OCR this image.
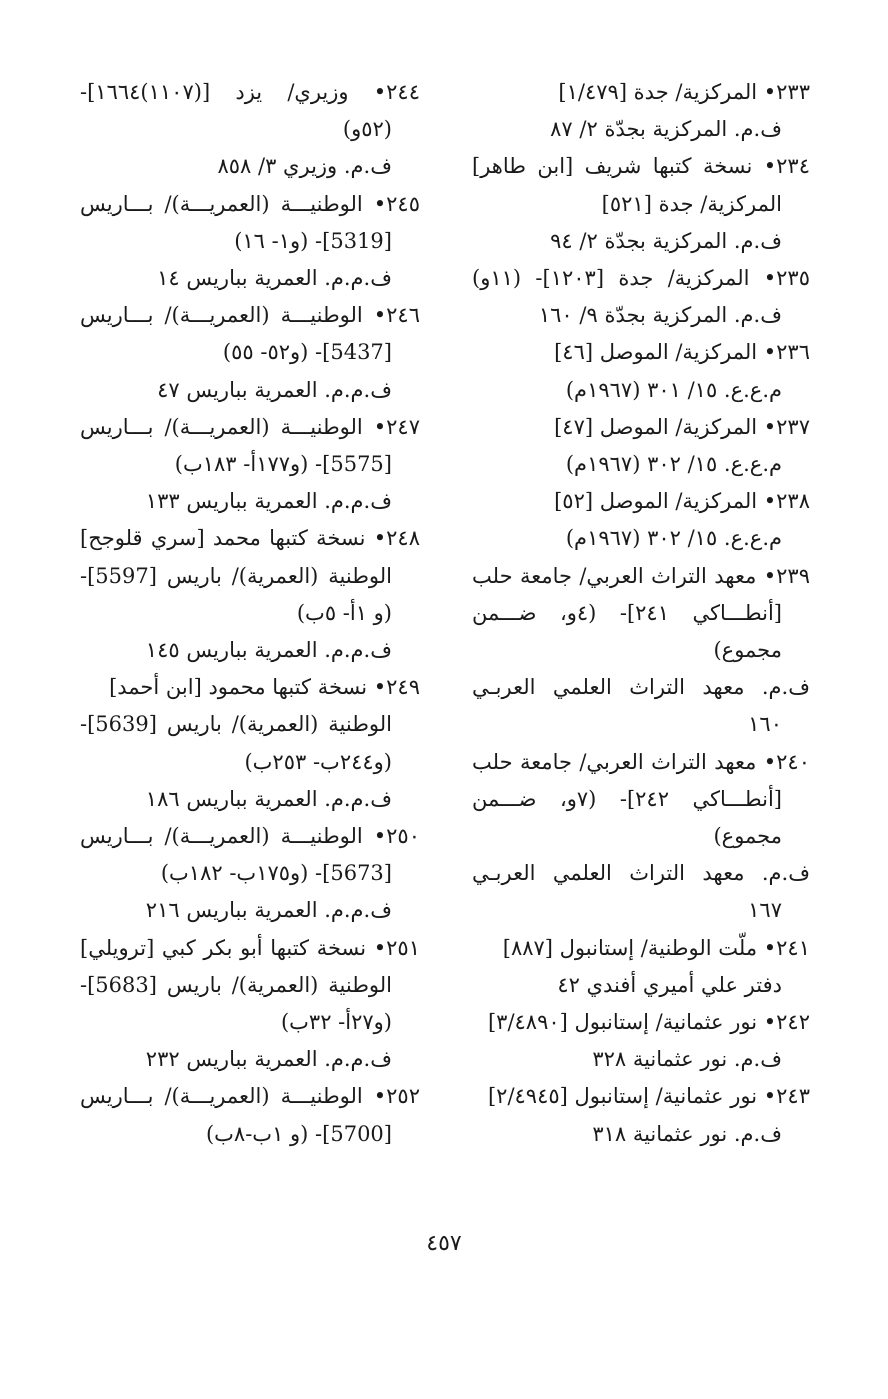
٢٣٣• المركزية/ جدة [١/٤٧٩]
ف.م. المركزية بجدّة ٢/ ٨٧
٢٣٤• نسخة كتبها شريف [ابن طاهر]
المركزية/ جدة [٥٢١]
ف.م. المركزية بجدّة ٢/ ٩٤
٢٣٥• المركزية/ جدة [١٢٠٣]- (١١و)
ف.م. المركزية بجدّة ٩/ ١٦٠
٢٣٦• المركزية/ الموصل [٤٦]
م.ع.ع. ١٥/ ٣٠١ (١٩٦٧م)
٢٣٧• المركزية/ الموصل [٤٧]
م.ع.ع. ١٥/ ٣٠٢ (١٩٦٧م)
٢٣٨• المركزية/ الموصل [٥٢]
م.ع.ع. ١٥/ ٣٠٢ (١٩٦٧م)
٢٣٩• معهد التراث العربي/ جامعة حلب
[أنطـــاكي ٢٤١]- (٤و، ضـــمن
مجموع)
ف.م. معهد التراث العلمي العربـي
١٦٠
٢٤٠• معهد التراث العربي/ جامعة حلب
[أنطـــاكي ٢٤٢]- (٧و، ضـــمن
مجموع)
ف.م. معهد التراث العلمي العربـي
١٦٧
٢٤١• ملّت الوطنية/ إستانبول [٨٨٧]
دفتر علي أميري أفندي ٤٢
٢٤٢• نور عثمانية/ إستانبول [٣/٤٨٩٠]
ف.م. نور عثمانية ٣٢٨
٢٤٣• نور عثمانية/ إستانبول [٢/٤٩٤٥]
ف.م. نور عثمانية ٣١٨
٢٤٤• وزيري/ يزد [(١١٠٧)١٦٦٤]-
(٥٢و)
ف.م. وزيري ٣/ ٨٥٨
٢٤٥• الوطنيـــة (العمريـــة)/ بـــاريس
[5319]- (و١- ١٦)
ف.م.م. العمرية بباريس ١٤
٢٤٦• الوطنيـــة (العمريـــة)/ بـــاريس
[5437]- (و٥٢- ٥٥)
ف.م.م. العمرية بباريس ٤٧
٢٤٧• الوطنيـــة (العمريـــة)/ بـــاريس
[5575]- (و١٧٧أ- ١٨٣ب)
ف.م.م. العمرية بباريس ١٣٣
٢٤٨• نسخة كتبها محمد [سري قلوجح]
الوطنية (العمرية)/ باريس [5597]-
(و ١أ- ٥ب)
ف.م.م. العمرية بباريس ١٤٥
٢٤٩• نسخة كتبها محمود [ابن أحمد]
الوطنية (العمرية)/ باريس [5639]-
(و٢٤٤ب- ٢٥٣ب)
ف.م.م. العمرية بباريس ١٨٦
٢٥٠• الوطنيـــة (العمريـــة)/ بـــاريس
[5673]- (و١٧٥ب- ١٨٢ب)
ف.م.م. العمرية بباريس ٢١٦
٢٥١• نسخة كتبها أبو بكر كبي [ترويلي]
الوطنية (العمرية)/ باريس [5683]-
(و٢٧أ- ٣٢ب)
ف.م.م. العمرية بباريس ٢٣٢
٢٥٢• الوطنيـــة (العمريـــة)/ بـــاريس
[5700]- (و ١ب-٨ب)
٤٥٧
